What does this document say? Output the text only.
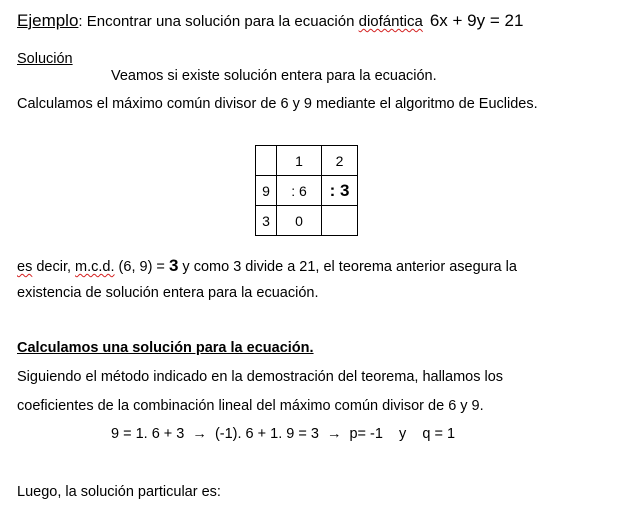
Ejemplo: Encontrar una solución para la ecuación diofántica 6x + 9y = 21
Solución
Veamos si existe solución entera para la ecuación.
Calculamos el máximo común divisor de 6 y 9 mediante el algoritmo de Euclides.
	1	2
9	: 6	: 3
3	0	
es decir, m.c.d. (6, 9) = 3 y como 3 divide a 21, el teorema anterior asegura la
existencia de solución entera para la ecuación.
Calculamos una solución para la ecuación.
Siguiendo el método indicado en la demostración del teorema, hallamos los
coeficientes de la combinación lineal del máximo común divisor de 6 y 9.
9 = 1. 6 + 3 → (-1). 6 + 1. 9 = 3 → p= -1    y    q = 1
Luego, la solución particular es:
